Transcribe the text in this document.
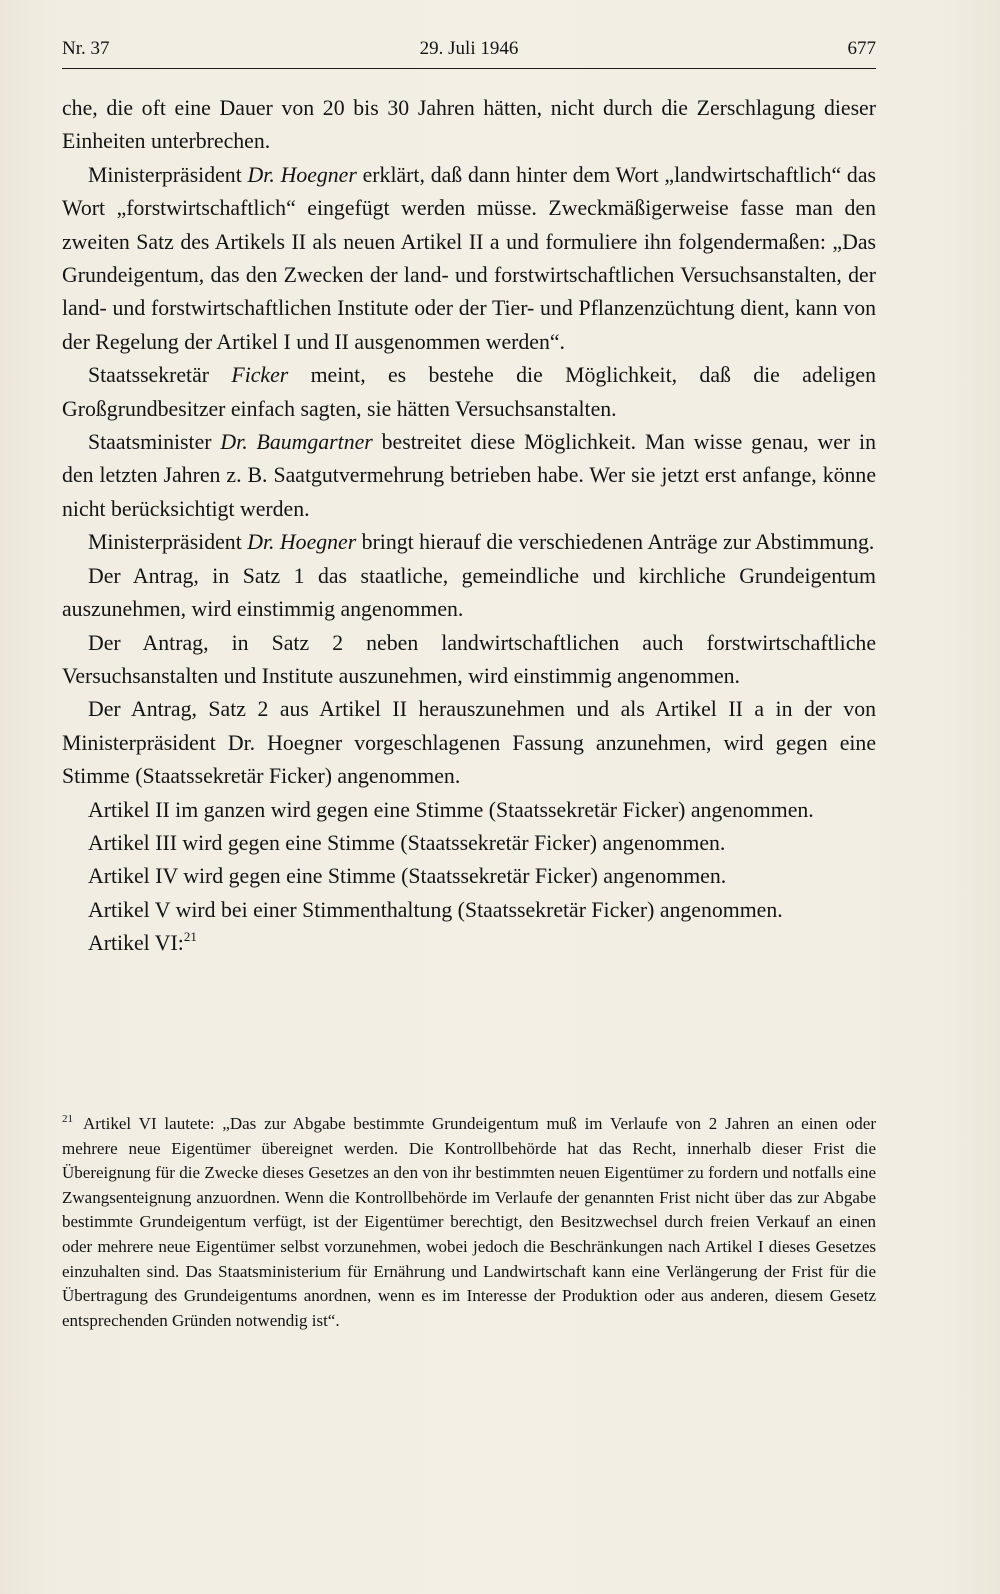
Nr. 37	29. Juli 1946	677

che, die oft eine Dauer von 20 bis 30 Jahren hätten, nicht durch die Zerschlagung dieser Einheiten unterbrechen.

Ministerpräsident Dr. Hoegner erklärt, daß dann hinter dem Wort „landwirtschaftlich“ das Wort „forstwirtschaftlich“ eingefügt werden müsse. Zweckmäßigerweise fasse man den zweiten Satz des Artikels II als neuen Artikel II a und formuliere ihn folgendermaßen: „Das Grundeigentum, das den Zwecken der land- und forstwirtschaftlichen Versuchsanstalten, der land- und forstwirtschaftlichen Institute oder der Tier- und Pflanzenzüchtung dient, kann von der Regelung der Artikel I und II ausgenommen werden“.

Staatssekretär Ficker meint, es bestehe die Möglichkeit, daß die adeligen Großgrundbesitzer einfach sagten, sie hätten Versuchsanstalten.

Staatsminister Dr. Baumgartner bestreitet diese Möglichkeit. Man wisse genau, wer in den letzten Jahren z. B. Saatgutvermehrung betrieben habe. Wer sie jetzt erst anfange, könne nicht berücksichtigt werden.

Ministerpräsident Dr. Hoegner bringt hierauf die verschiedenen Anträge zur Abstimmung.

Der Antrag, in Satz 1 das staatliche, gemeindliche und kirchliche Grundeigentum auszunehmen, wird einstimmig angenommen.

Der Antrag, in Satz 2 neben landwirtschaftlichen auch forstwirtschaftliche Versuchsanstalten und Institute auszunehmen, wird einstimmig angenommen.

Der Antrag, Satz 2 aus Artikel II herauszunehmen und als Artikel II a in der von Ministerpräsident Dr. Hoegner vorgeschlagenen Fassung anzunehmen, wird gegen eine Stimme (Staatssekretär Ficker) angenommen.

Artikel II im ganzen wird gegen eine Stimme (Staatssekretär Ficker) angenommen.

Artikel III wird gegen eine Stimme (Staatssekretär Ficker) angenommen.

Artikel IV wird gegen eine Stimme (Staatssekretär Ficker) angenommen.

Artikel V wird bei einer Stimmenthaltung (Staatssekretär Ficker) angenommen.

Artikel VI:$^{21}$

$^{21}$ Artikel VI lautete: „Das zur Abgabe bestimmte Grundeigentum muß im Verlaufe von 2 Jahren an einen oder mehrere neue Eigentümer übereignet werden. Die Kontrollbehörde hat das Recht, innerhalb dieser Frist die Übereignung für die Zwecke dieses Gesetzes an den von ihr bestimmten neuen Eigentümer zu fordern und notfalls eine Zwangsenteignung anzuordnen. Wenn die Kontrollbehörde im Verlaufe der genannten Frist nicht über das zur Abgabe bestimmte Grundeigentum verfügt, ist der Eigentümer berechtigt, den Besitzwechsel durch freien Verkauf an einen oder mehrere neue Eigentümer selbst vorzunehmen, wobei jedoch die Beschränkungen nach Artikel I dieses Gesetzes einzuhalten sind. Das Staatsministerium für Ernährung und Landwirtschaft kann eine Verlängerung der Frist für die Übertragung des Grundeigentums anordnen, wenn es im Interesse der Produktion oder aus anderen, diesem Gesetz entsprechenden Gründen notwendig ist“.
